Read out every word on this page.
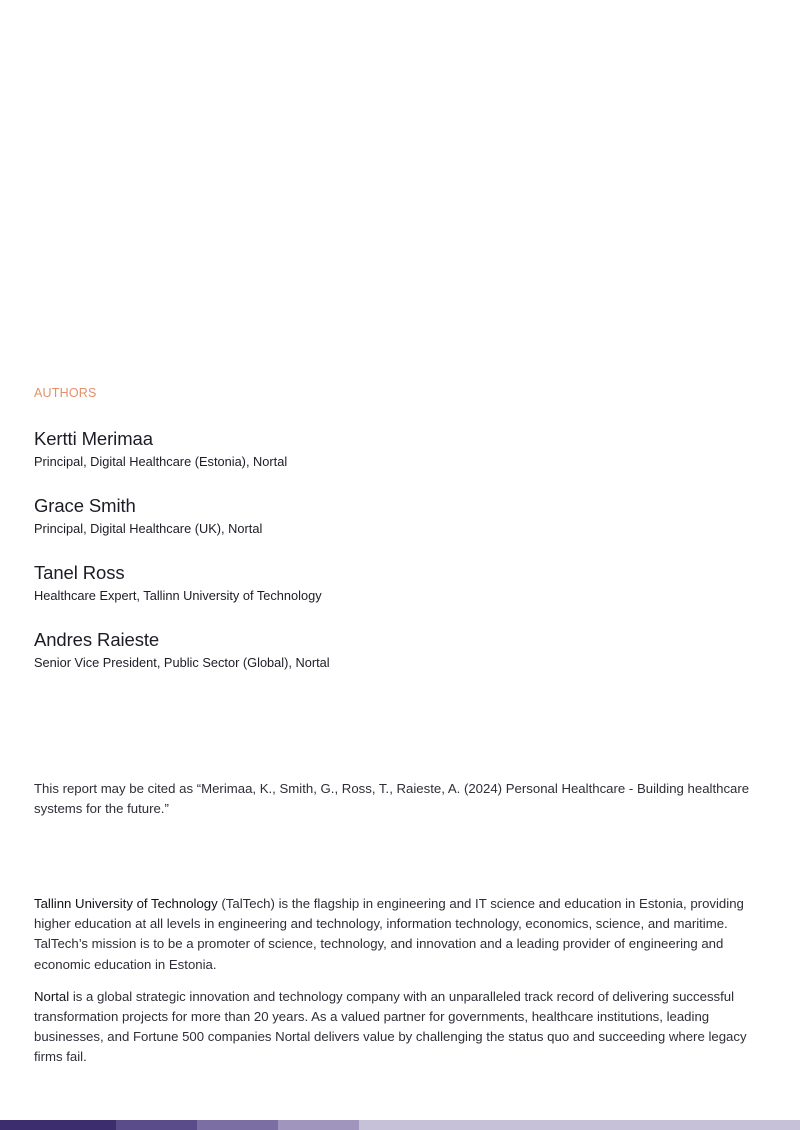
AUTHORS
Kertti Merimaa
Principal, Digital Healthcare (Estonia), Nortal
Grace Smith
Principal, Digital Healthcare (UK), Nortal
Tanel Ross
Healthcare Expert, Tallinn University of Technology
Andres Raieste
Senior Vice President, Public Sector (Global), Nortal

This report may be cited as “Merimaa, K., Smith, G., Ross, T., Raieste, A. (2024) Personal Healthcare - Building healthcare systems for the future.”

Tallinn University of Technology (TalTech) is the flagship in engineering and IT science and education in Estonia, providing higher education at all levels in engineering and technology, information technology, economics, science, and maritime. TalTech’s mission is to be a promoter of science, technology, and innovation and a leading provider of engineering and economic education in Estonia.

Nortal is a global strategic innovation and technology company with an unparalleled track record of delivering successful transformation projects for more than 20 years. As a valued partner for governments, healthcare institutions, leading businesses, and Fortune 500 companies Nortal delivers value by challenging the status quo and succeeding where legacy firms fail.
